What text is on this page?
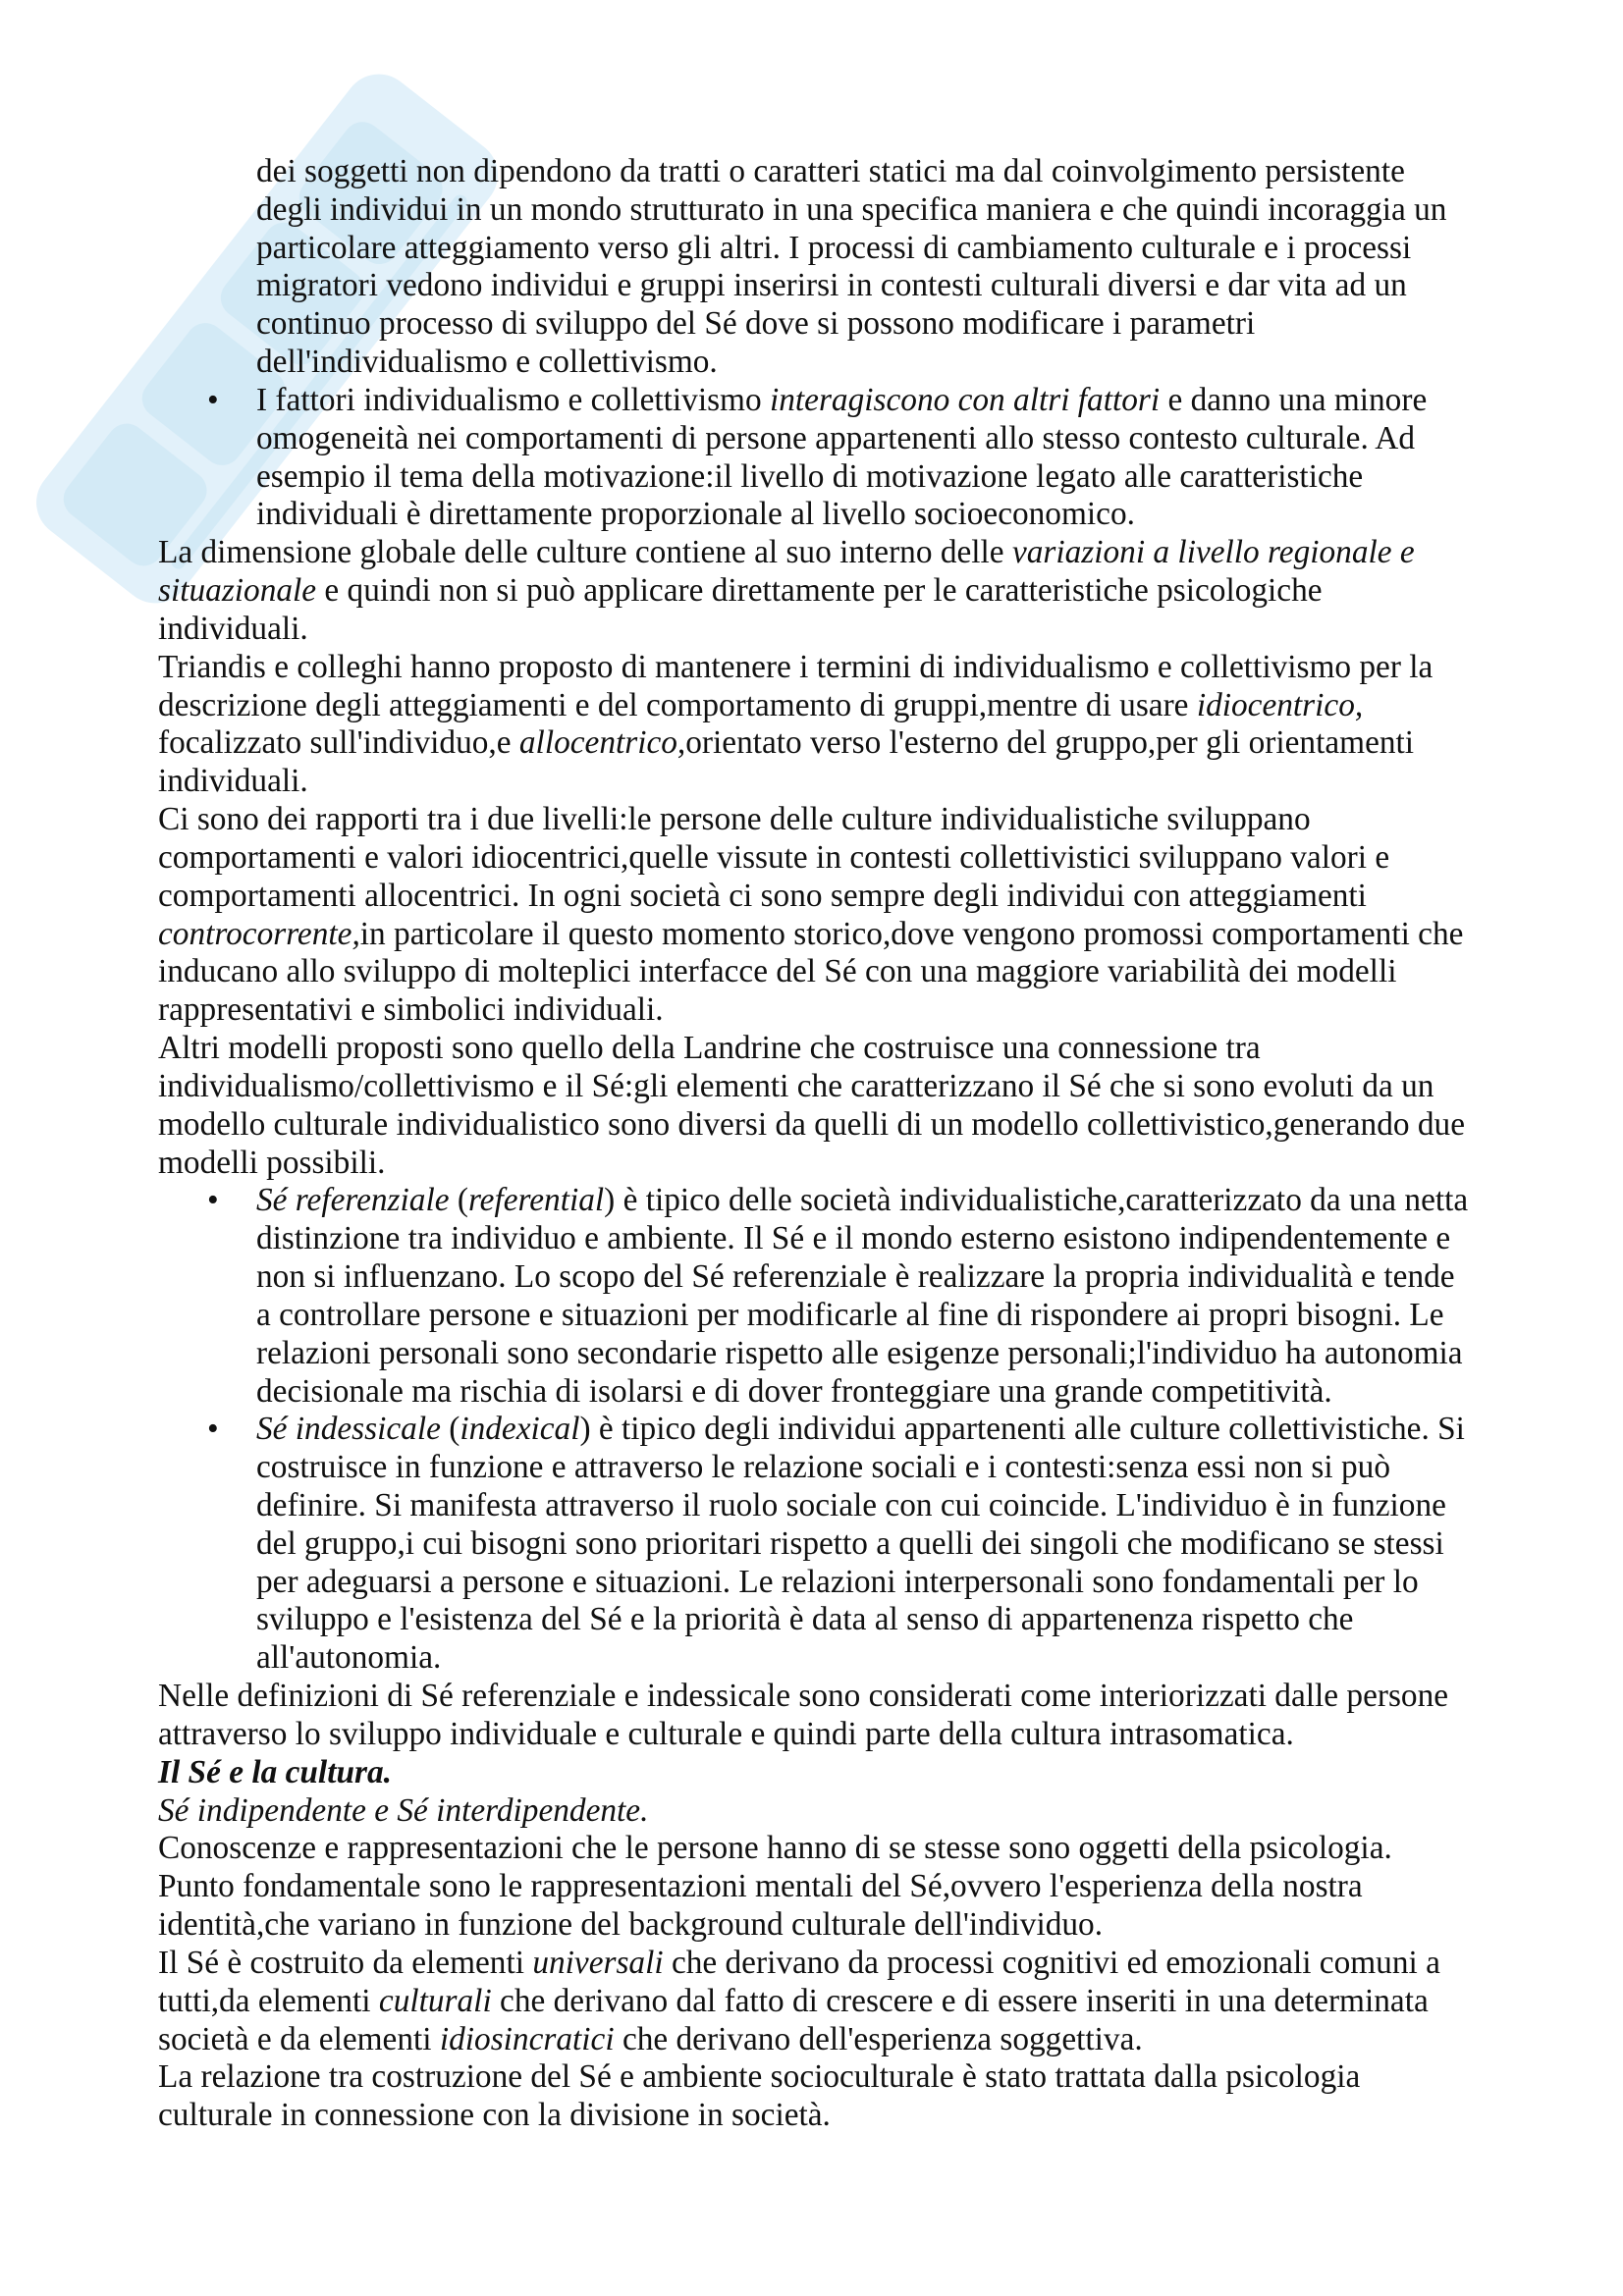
dei soggetti non dipendono da tratti o caratteri statici ma dal coinvolgimento persistente
degli individui in un mondo strutturato in una specifica maniera e che quindi incoraggia un
particolare atteggiamento verso gli altri. I processi di cambiamento culturale e i processi
migratori vedono individui e gruppi inserirsi in contesti culturali diversi e dar vita ad un
continuo processo di sviluppo del Sé dove si possono modificare i parametri
dell'individualismo e collettivismo.
• I fattori individualismo e collettivismo interagiscono con altri fattori e danno una minore
omogeneità nei comportamenti di persone appartenenti allo stesso contesto culturale. Ad
esempio il tema della motivazione:il livello di motivazione legato alle caratteristiche
individuali è direttamente proporzionale al livello socioeconomico.
La dimensione globale delle culture contiene al suo interno delle variazioni a livello regionale e
situazionale e quindi non si può applicare direttamente per le caratteristiche psicologiche
individuali.
Triandis e colleghi hanno proposto di mantenere i termini di individualismo e collettivismo per la
descrizione degli atteggiamenti e del comportamento di gruppi,mentre di usare idiocentrico,
focalizzato sull'individuo,e allocentrico,orientato verso l'esterno del gruppo,per gli orientamenti
individuali.
Ci sono dei rapporti tra i due livelli:le persone delle culture individualistiche sviluppano
comportamenti e valori idiocentrici,quelle vissute in contesti collettivistici sviluppano valori e
comportamenti allocentrici. In ogni società ci sono sempre degli individui con atteggiamenti
controcorrente,in particolare il questo momento storico,dove vengono promossi comportamenti che
inducano allo sviluppo di molteplici interfacce del Sé con una maggiore variabilità dei modelli
rappresentativi e simbolici individuali.
Altri modelli proposti sono quello della Landrine che costruisce una connessione tra
individualismo/collettivismo e il Sé:gli elementi che caratterizzano il Sé che si sono evoluti da un
modello culturale individualistico sono diversi da quelli di un modello collettivistico,generando due
modelli possibili.
• Sé referenziale (referential) è tipico delle società individualistiche,caratterizzato da una netta
distinzione tra individuo e ambiente. Il Sé e il mondo esterno esistono indipendentemente e
non si influenzano. Lo scopo del Sé referenziale è realizzare la propria individualità e tende
a controllare persone e situazioni per modificarle al fine di rispondere ai propri bisogni. Le
relazioni personali sono secondarie rispetto alle esigenze personali;l'individuo ha autonomia
decisionale ma rischia di isolarsi e di dover fronteggiare una grande competitività.
• Sé indessicale (indexical) è tipico degli individui appartenenti alle culture collettivistiche. Si
costruisce in funzione e attraverso le relazione sociali e i contesti:senza essi non si può
definire. Si manifesta attraverso il ruolo sociale con cui coincide. L'individuo è in funzione
del gruppo,i cui bisogni sono prioritari rispetto a quelli dei singoli che modificano se stessi
per adeguarsi a persone e situazioni. Le relazioni interpersonali sono fondamentali per lo
sviluppo e l'esistenza del Sé e la priorità è data al senso di appartenenza rispetto che
all'autonomia.
Nelle definizioni di Sé referenziale e indessicale sono considerati come interiorizzati dalle persone
attraverso lo sviluppo individuale e culturale e quindi parte della cultura intrasomatica.
Il Sé e la cultura.
Sé indipendente e Sé interdipendente.
Conoscenze e rappresentazioni che le persone hanno di se stesse sono oggetti della psicologia.
Punto fondamentale sono le rappresentazioni mentali del Sé,ovvero l'esperienza della nostra
identità,che variano in funzione del background culturale dell'individuo.
Il Sé è costruito da elementi universali che derivano da processi cognitivi ed emozionali comuni a
tutti,da elementi culturali che derivano dal fatto di crescere e di essere inseriti in una determinata
società e da elementi idiosincratici che derivano dell'esperienza soggettiva.
La relazione tra costruzione del Sé e ambiente socioculturale è stato trattata dalla psicologia
culturale in connessione con la divisione in società.
